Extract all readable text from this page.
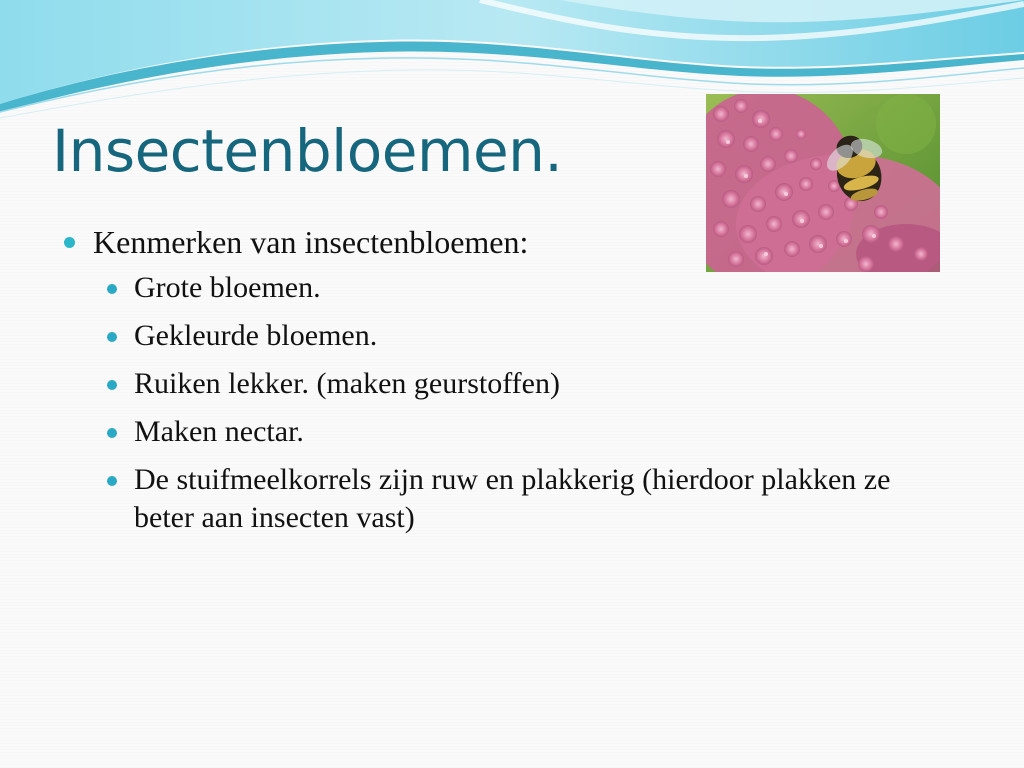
Insectenbloemen.
Kenmerken van insectenbloemen:
Grote bloemen.
Gekleurde bloemen.
Ruiken lekker. (maken geurstoffen)
Maken nectar.
De stuifmeelkorrels zijn ruw en plakkerig (hierdoor plakken ze beter aan insecten vast)
